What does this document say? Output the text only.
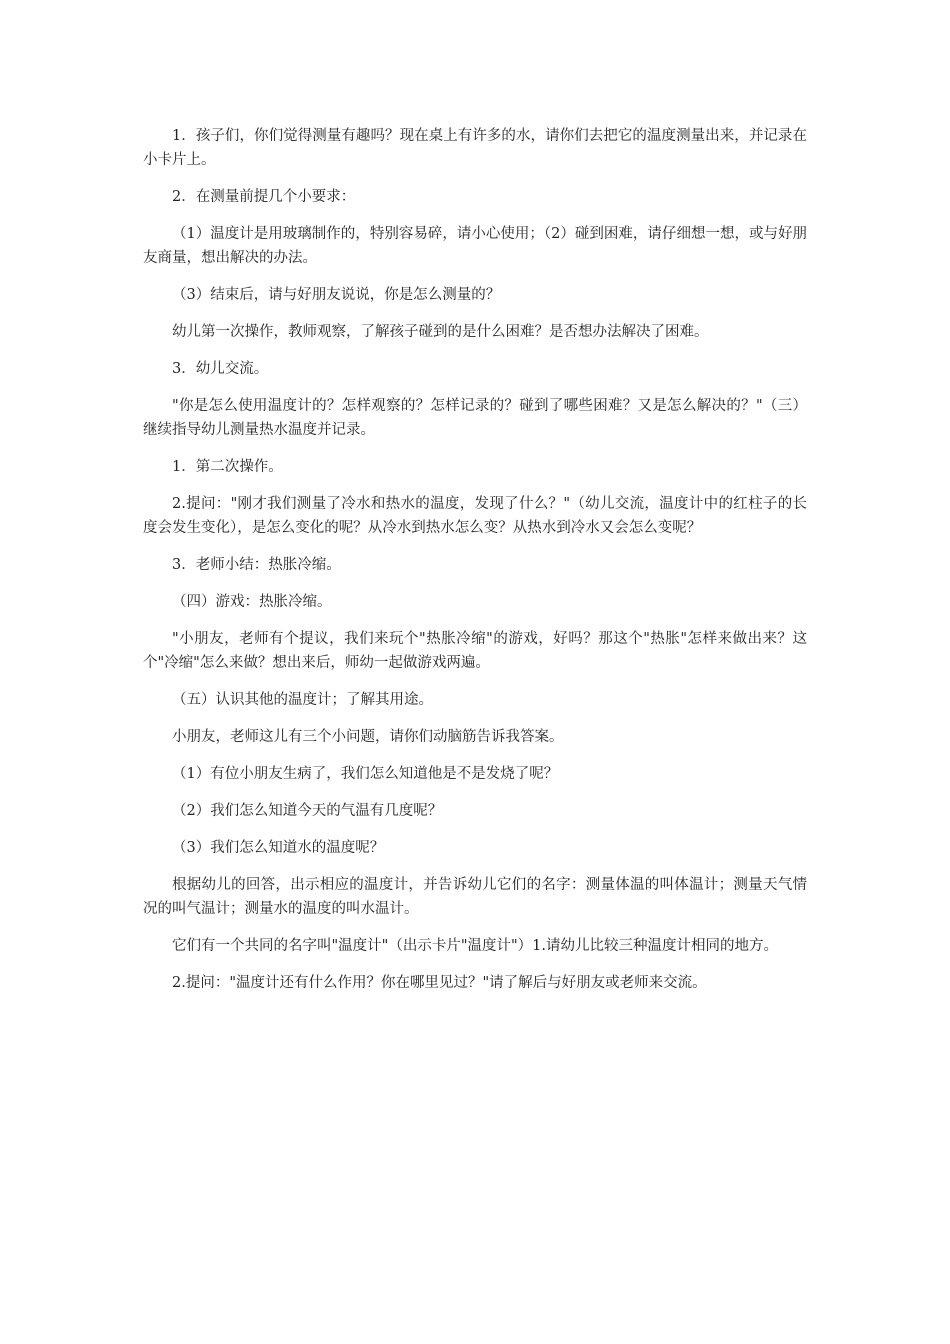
1．孩子们，你们觉得测量有趣吗？现在桌上有许多的水，请你们去把它的温度测量出来，并记录在小卡片上。

2．在测量前提几个小要求：

（1）温度计是用玻璃制作的，特别容易碎，请小心使用；（2）碰到困难，请仔细想一想，或与好朋友商量，想出解决的办法。

（3）结束后，请与好朋友说说，你是怎么测量的？

幼儿第一次操作，教师观察，了解孩子碰到的是什么困难？是否想办法解决了困难。

3．幼儿交流。

"你是怎么使用温度计的？怎样观察的？怎样记录的？碰到了哪些困难？又是怎么解决的？"（三）继续指导幼儿测量热水温度并记录。

1．第二次操作。

2.提问："刚才我们测量了冷水和热水的温度，发现了什么？"（幼儿交流，温度计中的红柱子的长度会发生变化），是怎么变化的呢？从冷水到热水怎么变？从热水到冷水又会怎么变呢？

3．老师小结：热胀冷缩。

（四）游戏：热胀冷缩。

"小朋友，老师有个提议，我们来玩个"热胀冷缩"的游戏，好吗？那这个"热胀"怎样来做出来？这个"冷缩"怎么来做？想出来后，师幼一起做游戏两遍。

（五）认识其他的温度计；了解其用途。

小朋友，老师这儿有三个小问题，请你们动脑筋告诉我答案。

（1）有位小朋友生病了，我们怎么知道他是不是发烧了呢？

（2）我们怎么知道今天的气温有几度呢？

（3）我们怎么知道水的温度呢？

根据幼儿的回答，出示相应的温度计，并告诉幼儿它们的名字：测量体温的叫体温计；测量天气情况的叫气温计；测量水的温度的叫水温计。

它们有一个共同的名字叫"温度计"（出示卡片"温度计"）1.请幼儿比较三种温度计相同的地方。

2.提问："温度计还有什么作用？你在哪里见过？"请了解后与好朋友或老师来交流。
